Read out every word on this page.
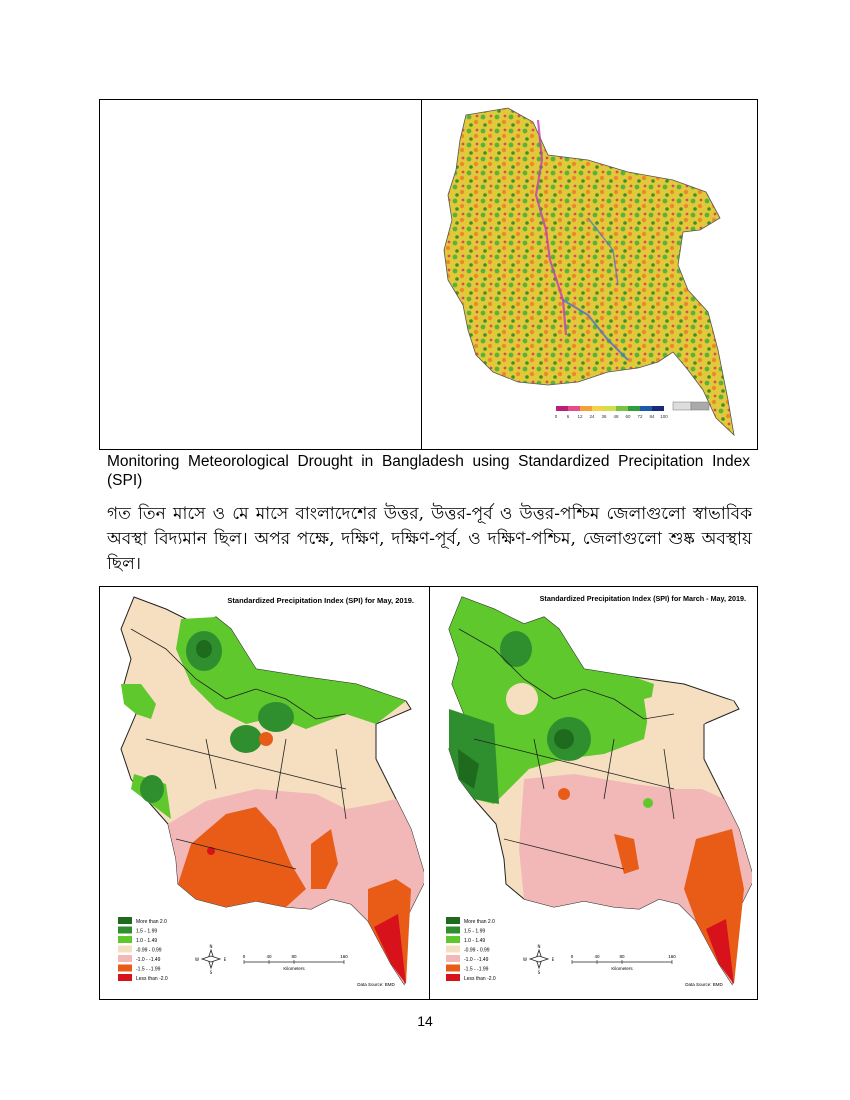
0 6 12 24 36 48 60 72 84 100
Monitoring Meteorological Drought in Bangladesh using Standardized Precipitation Index (SPI)
গত তিন মাসে ও মে মাসে বাংলাদেশের উত্তর, উত্তর-পূর্ব ও উত্তর-পশ্চিম জেলাগুলো স্বাভাবিক অবস্থা বিদ্যমান ছিল। অপর পক্ষে, দক্ষিণ, দক্ষিণ-পূর্ব, ও দক্ষিণ-পশ্চিম, জেলাগুলো শুষ্ক অবস্থায় ছিল।
Standardized Precipitation Index (SPI) for May, 2019.
More than 2.0
1.5 - 1.99
1.0 - 1.49
-0.99 - 0.99
-1.0 - -1.49
-1.5 - -1.99
Less than -2.0
N
S
W	E
0	40	80	160
Kilometers
Data Source: BMD
Standardized Precipitation Index (SPI) for March - May, 2019.
More than 2.0
1.5 - 1.99
1.0 - 1.49
-0.99 - 0.99
-1.0 - -1.49
-1.5 - -1.99
Less than -2.0
N
S
W	E
0	40	80	160
Kilometers
Data Source: BMD
14
